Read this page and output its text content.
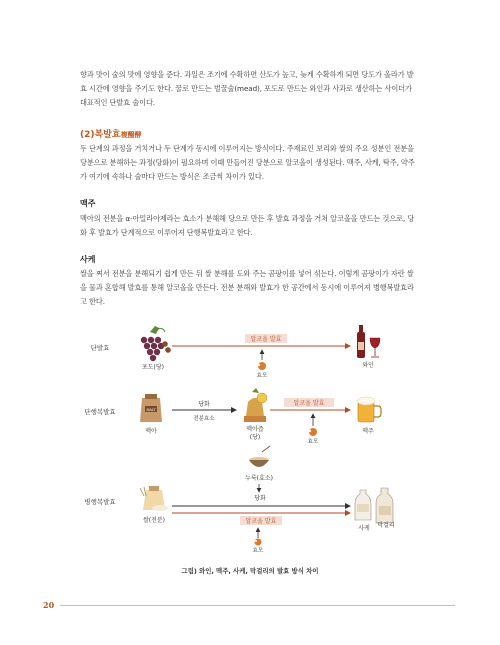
향과 맛이 술의 맛에 영향을 준다. 과일은 조기에 수확하면 산도가 높고, 늦게 수확하게 되면 당도가 올라가 발효 시간에 영향을 주기도 한다. 꿀로 만드는 벌꿀술(mead), 포도로 만드는 와인과 사과로 생산하는 사이더가 대표적인 단발효 술이다.
(2)복발효複醱酵
두 단계의 과정을 거치거나 두 단계가 동시에 이루어지는 방식이다. 주재료인 보리와 쌀의 주요 성분인 전분을 당분으로 분해하는 과정(당화)이 필요하며 이때 만들어진 당분으로 알코올이 생성된다. 맥주, 사케, 탁주, 약주가 여기에 속하나 술마다 만드는 방식은 조금씩 차이가 있다.
맥주
맥아의 전분을 α-아밀라아제라는 효소가 분해해 당으로 만든 후 발효 과정을 거쳐 알코올을 만드는 것으로, 당화 후 발효가 단계적으로 이루어져 단행복발효라고 한다.
사케
쌀을 쪄서 전분을 분해되기 쉽게 만든 뒤 쌀 분해를 도와 주는 곰팡이를 넣어 섞는다. 이렇게 곰팡이가 자란 쌀을 물과 혼합해 발효를 통해 알코올을 만든다. 전분 분해와 발효가 한 공간에서 동시에 이루어져 병행복발효라고 한다.
단발효
포도(당)
알코올 발효
효모
와인
단행복발효	MALT
맥아
당화
전분효소
맥아즙
(당)
알코올 발효
효모
맥주
누룩(효소)
당화
병행복발효
쌀(전분)	알코올 발효
효모
사케 막걸리
그림) 와인, 맥주, 사케, 막걸리의 발효 방식 차이
20
